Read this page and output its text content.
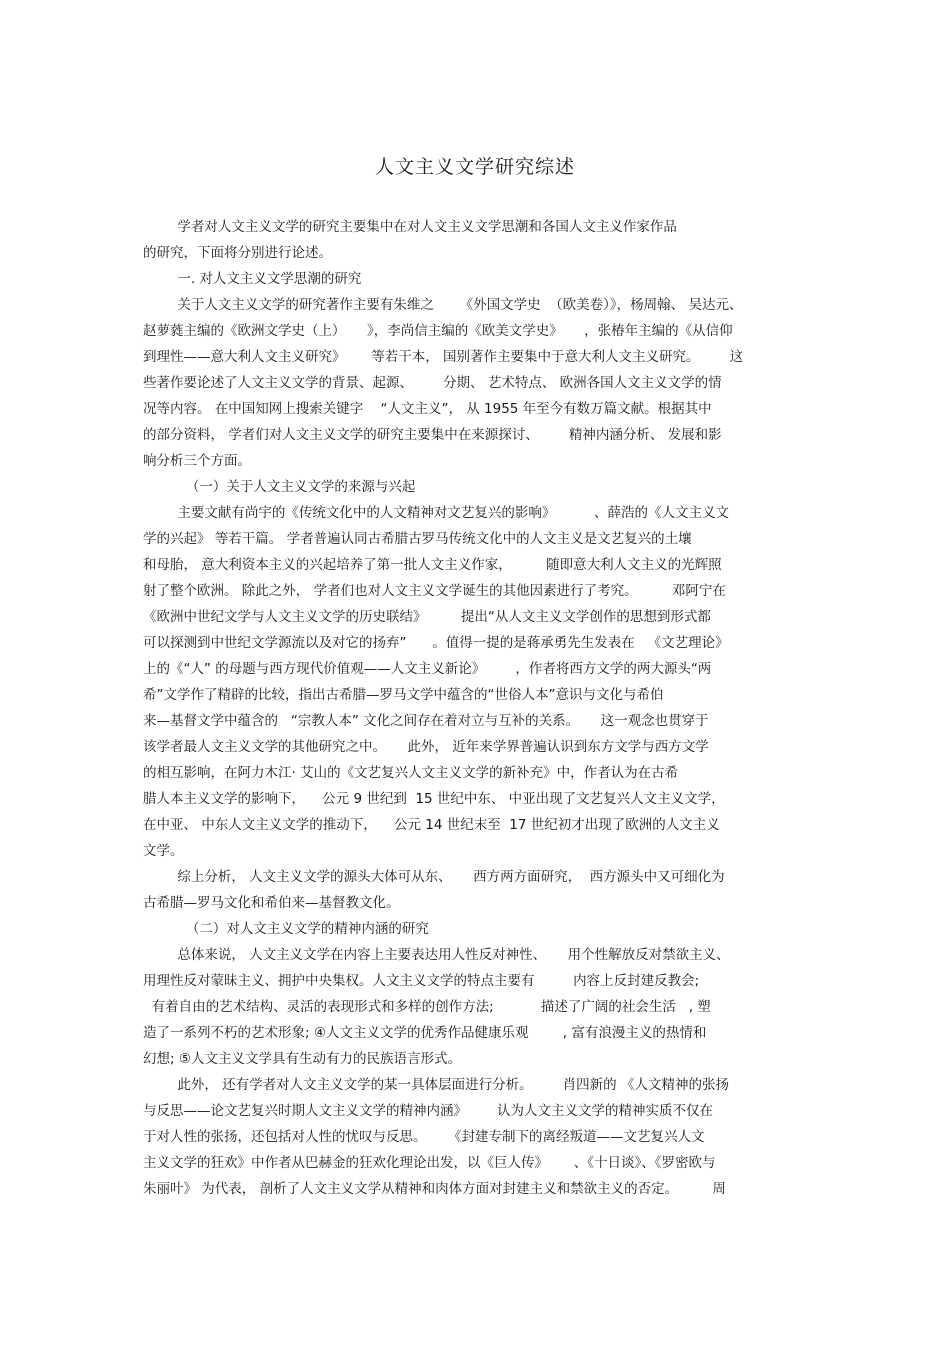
人文主义文学研究综述
学者对人文主义文学的研究主要集中在对人文主义文学思潮和各国人文主义作家作品
的研究，下面将分别进行论述。
一. 对人文主义文学思潮的研究
关于人文主义文学的研究著作主要有朱维之      《外国文学史  （欧美卷）》，杨周翰、 吴达元、
赵萝蕤主编的《欧洲文学史（上）     》，李尚信主编的《欧美文学史》     ，张椿年主编的《从信仰
到理性——意大利人文主义研究》      等若干本， 国别著作主要集中于意大利人文主义研究。       这
些著作要论述了人文主义文学的背景、起源、       分期、 艺术特点、 欧洲各国人文主义文学的情
况等内容。 在中国知网上搜索关键字    “人文主义”， 从 1955 年至今有数万篇文献。根据其中
的部分资料， 学者们对人文主义文学的研究主要集中在来源探讨、       精神内涵分析、 发展和影
响分析三个方面。
（一）关于人文主义文学的来源与兴起
主要文献有尚宇的《传统文化中的人文精神对文艺复兴的影响》         、薛浩的《人文主义文
学的兴起》 等若干篇。 学者普遍认同古希腊古罗马传统文化中的人文主义是文艺复兴的土壤
和母胎， 意大利资本主义的兴起培养了第一批人文主义作家，        随即意大利人文主义的光辉照
射了整个欧洲。 除此之外， 学者们也对人文主义文学诞生的其他因素进行了考究。        邓阿宁在
《欧洲中世纪文学与人文主义文学的历史联结》        提出“从人文主义文学创作的思想到形式都
可以探测到中世纪文学源流以及对它的扬弃”      。值得一提的是蒋承勇先生发表在   《文艺理论》
上的《“人” 的母题与西方现代价值观——人文主义新论》       ，作者将西方文学的两大源头“两
希”文学作了精辟的比较，指出古希腊—罗马文学中蕴含的“世俗人本”意识与文化与希伯
来—基督文学中蕴含的   “宗教人本” 文化之间存在着对立与互补的关系。     这一观念也贯穿于
该学者最人文主义文学的其他研究之中。     此外， 近年来学界普遍认识到东方文学与西方文学
的相互影响，在阿力木江· 艾山的《文艺复兴人文主义文学的新补充》中，作者认为在古希
腊人本主义文学的影响下，    公元 9 世纪到  15 世纪中东、 中亚出现了文艺复兴人文主义文学，
在中亚、 中东人文主义文学的推动下，    公元 14 世纪末至  17 世纪初才出现了欧洲的人文主义
文学。
综上分析， 人文主义文学的源头大体可从东、     西方两方面研究，  西方源头中又可细化为
古希腊—罗马文化和希伯来—基督教文化。
（二）对人文主义文学的精神内涵的研究
总体来说， 人文主义文学在内容上主要表达用人性反对神性、     用个性解放反对禁欲主义、
用理性反对蒙昧主义、拥护中央集权。人文主义文学的特点主要有         内容上反封建反教会;
有着自由的艺术结构、灵活的表现形式和多样的创作方法;           描述了广阔的社会生活   , 塑
造了一系列不朽的艺术形象; ④人文主义文学的优秀作品健康乐观        , 富有浪漫主义的热情和
幻想; ⑤人文主义文学具有生动有力的民族语言形式。
此外， 还有学者对人文主义文学的某一具体层面进行分析。       肖四新的 《人文精神的张扬
与反思——论文艺复兴时期人文主义文学的精神内涵》       认为人文主义文学的精神实质不仅在
于对人性的张扬，还包括对人性的忧叹与反思。     《封建专制下的离经叛道——文艺复兴人文
主义文学的狂欢》中作者从巴赫金的狂欢化理论出发，以《巨人传》      、《十日谈》、《罗密欧与
朱丽叶》 为代表， 剖析了人文主义文学从精神和肉体方面对封建主义和禁欲主义的否定。        周
